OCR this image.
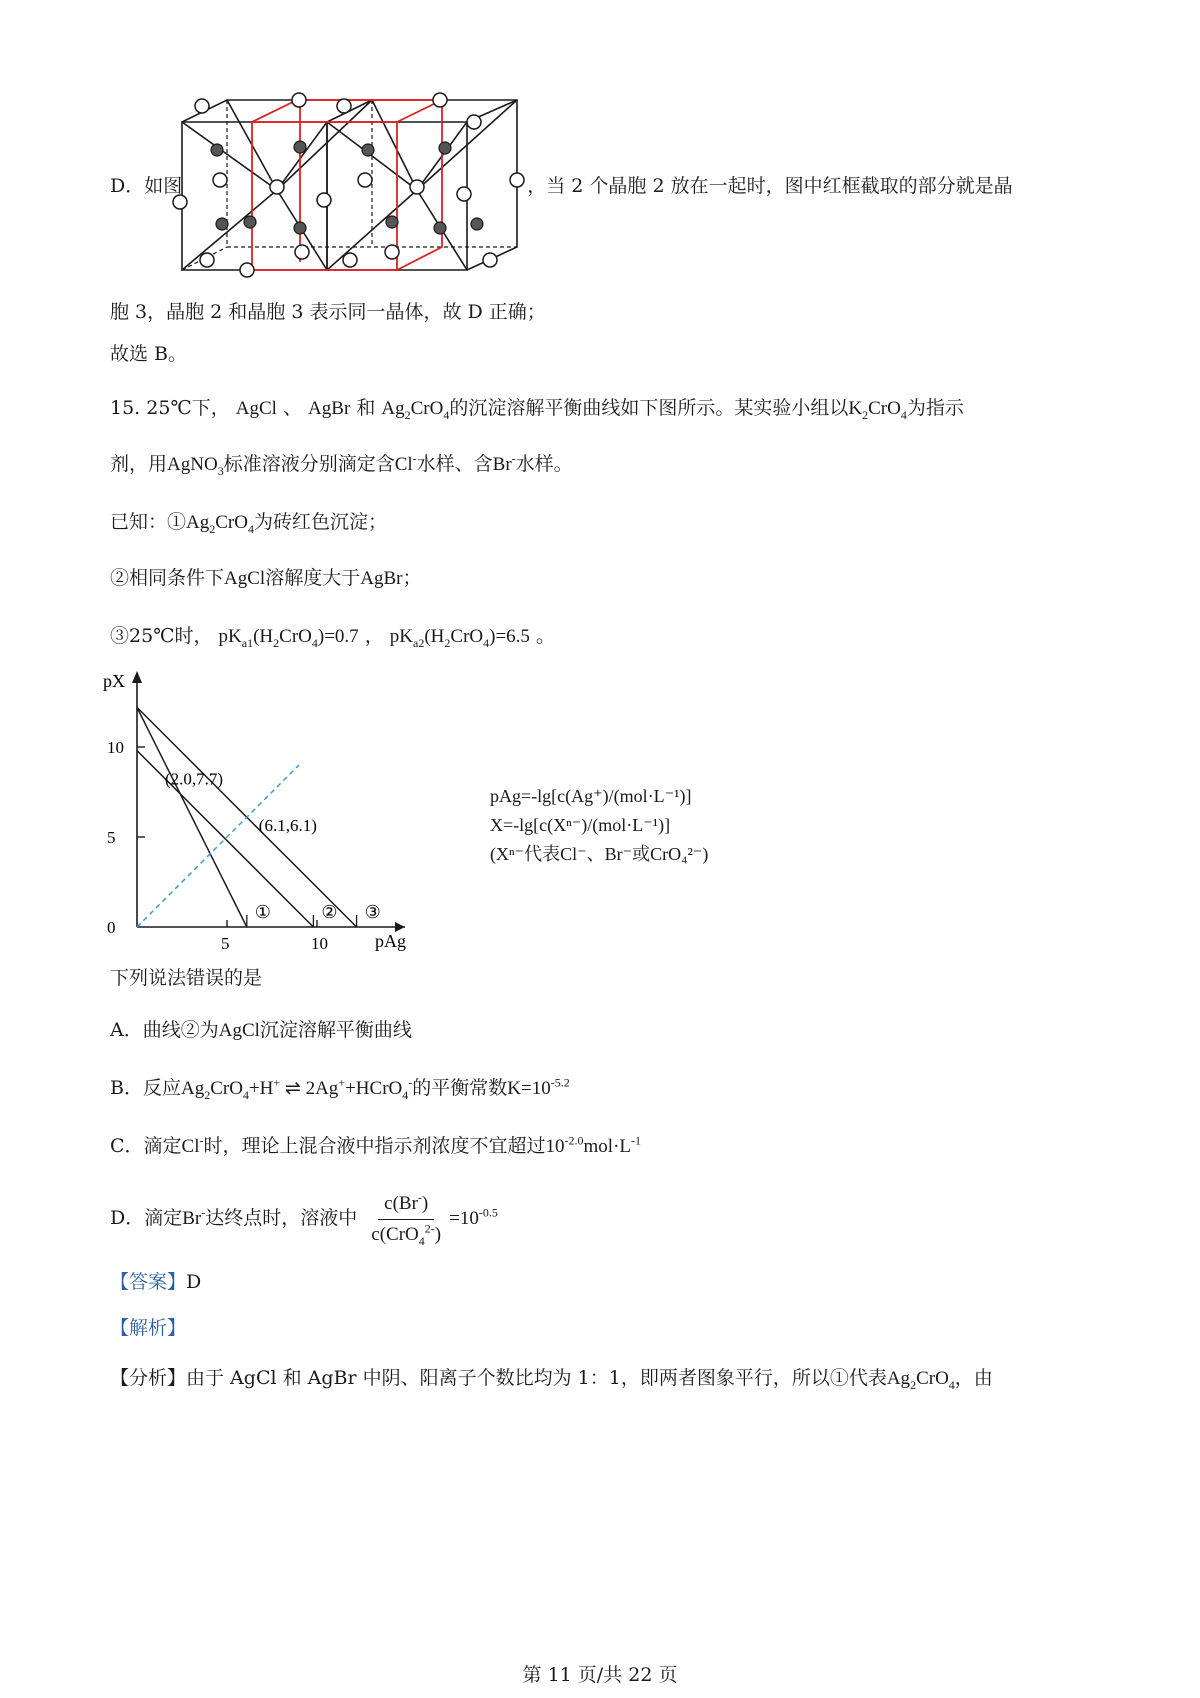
D．如图	，当 2 个晶胞 2 放在一起时，图中红框截取的部分就是晶
胞 3，晶胞 2 和晶胞 3 表示同一晶体，故 D 正确；
故选 B。
15. 25℃下， AgCl 、 AgBr 和 $Ag_2CrO_4$的沉淀溶解平衡曲线如下图所示。某实验小组以$K_2CrO_4$为指示
剂，用AgNO$_3$标准溶液分别滴定含Cl-水样、含Br-水样。
已知：$①Ag_2CrO_4$为砖红色沉淀；
②相同条件下AgCl溶解度大于AgBr；
③25℃时， $pK_{a1}(H_2CrO_4)=0.7$ ， $pK_{a2}(H_2CrO_4)=6.5$ 。
pX
pAg
5	10
0
5
10
①	② ③
(2.0,7.7)
(6.1,6.1)
pAg=-lg[c(Ag⁺)/(mol·L⁻¹)]
X=-lg[c(Xⁿ⁻)/(mol·L⁻¹)]
(Xⁿ⁻代表Cl⁻、Br⁻或CrO₄²⁻)
下列说法错误的是
A．曲线②为AgCl沉淀溶解平衡曲线
B．反应$Ag_2CrO_4+H^+$ ⇌ 2Ag++HCrO$_4$-的平衡常数$K=10^{-5.2}$
C．滴定Cl-时，理论上混合液中指示剂浓度不宜超过$10^{-2.0}mol\cdot L^{-1}$
D．滴定Br-达终点时，溶液中 $\frac{c(Br^-)}{c(CrO_4^{2-})} =10^{-0.5}$
【答案】D
【解析】
【分析】由于 AgCl 和 AgBr 中阴、阳离子个数比均为 1：1，即两者图象平行，所以①代表$Ag_2CrO_4$，由
第 11 页/共 22 页
